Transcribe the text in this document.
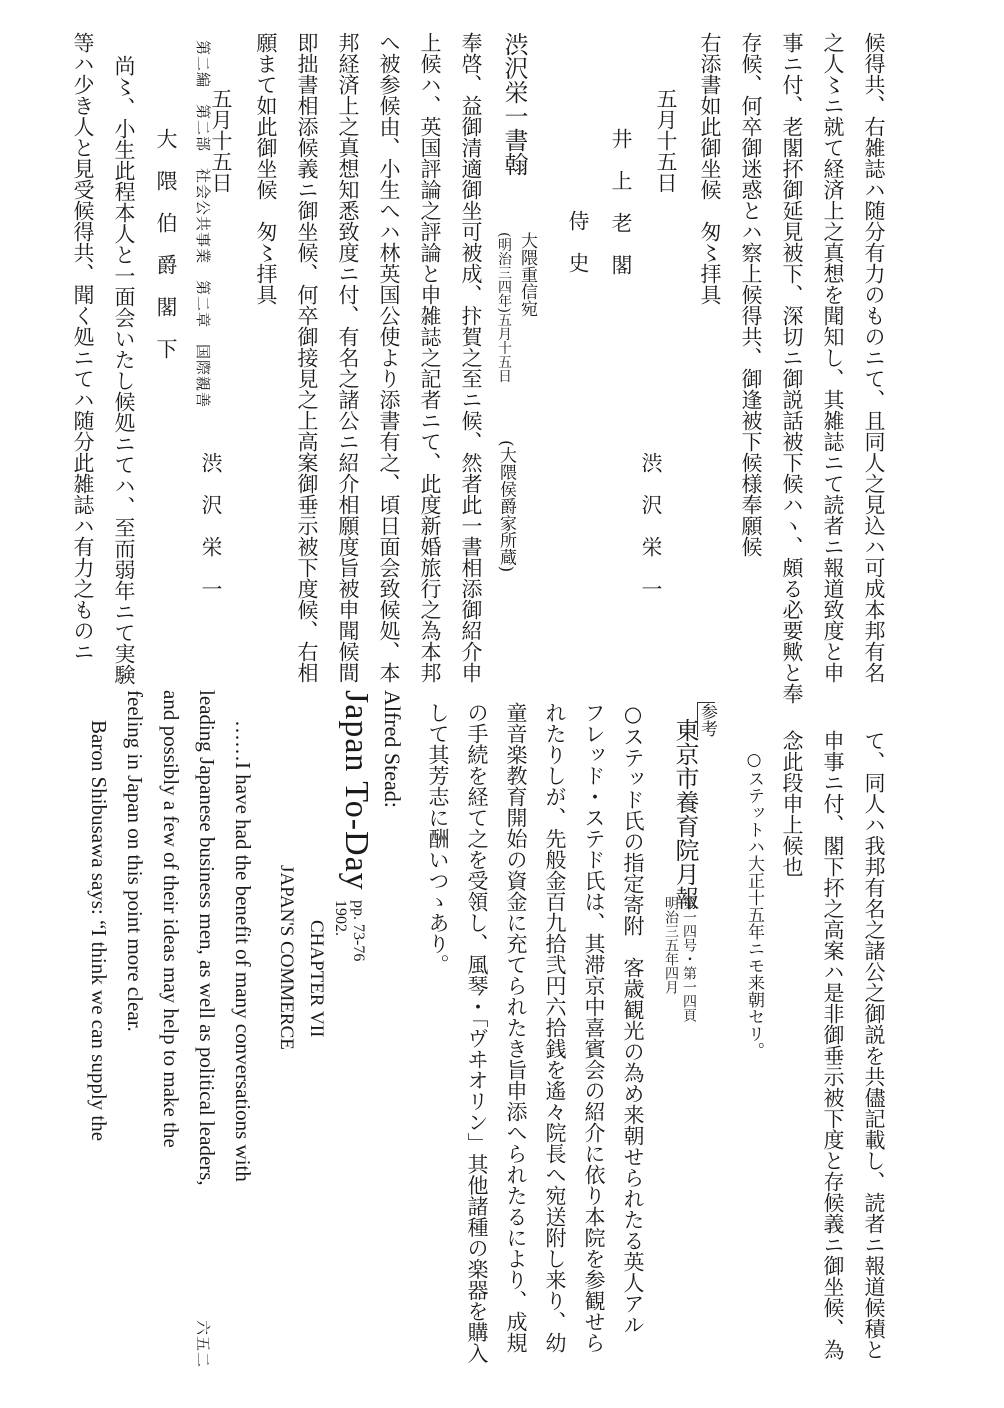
第二編　第二部　社会公共事業　第二章　国際親善
六五二
候得共、右雑誌ハ随分有力のものニて、且同人之見込ハ可成本邦有名
之人〻ニ就て経済上之真想を聞知し、其雑誌ニて読者ニ報道致度と申
事ニ付、老閣抔御延見被下、深切ニ御説話被下候ハヽ、頗る必要歟と奉
存候、何卒御迷惑とハ察上候得共、御逢被下候様奉願候
右添書如此御坐候　匆〻拝具
五月十五日
渋　沢　栄　一
井　上　老　閣
侍　史
渋沢栄一書翰
大隈重信宛
(明治三四年)五月十五日
(大隈侯爵家所蔵)
奉啓、益御清適御坐可被成、抃賀之至ニ候、然者此一書相添御紹介申
上候ハ、英国評論之評論と申雑誌之記者ニて、此度新婚旅行之為本邦
へ被参候由、小生へハ林英国公使より添書有之、頃日面会致候処、本
邦経済上之真想知悉致度ニ付、有名之諸公ニ紹介相願度旨被申聞候間
即拙書相添候義ニ御坐候、何卒御接見之上高案御垂示被下度候、右相
願まて如此御坐候　匆〻拝具
五月十五日
渋　沢　栄　一
大　隈　伯　爵　閣　下
尚〻、小生此程本人と一面会いたし候処ニてハ、至而弱年ニて実験
等ハ少き人と見受候得共、聞く処ニてハ随分此雑誌ハ有力之ものニ
て、同人ハ我邦有名之諸公之御説を共儘記載し、読者ニ報道候積と
申事ニ付、閣下抔之高案ハ是非御垂示被下度と存候義ニ御坐候、為
念此段申上候也
○ステットハ大正十五年ニモ来朝セリ。
参考
東京市養育院月報
第一四号・第一四頁
明治三五年四月
○ステッド氏の指定寄附　客歳観光の為め来朝せられたる英人アル
フレッド・ステド氏は、其滞京中喜賓会の紹介に依り本院を参観せら
れたりしが、先般金百九拾弐円六拾銭を遙々院長へ宛送附し来り、幼
童音楽教育開始の資金に充てられたき旨申添へられたるにより、成規
の手続を経て之を受領し、風琴・「ヴヰオリン」其他諸種の楽器を購入
して其芳志に酬いつゝあり。
Alfred Stead:
Japan To-Day
pp. 73-76
1902.
CHAPTER VII
JAPAN'S COMMERCE
……I have had the benefit of many conversations with
leading Japanese business men, as well as political leaders,
and possibly a few of their ideas may help to make the
feeling in Japan on this point more clear.
Baron Shibusawa says: “I think we can supply the
